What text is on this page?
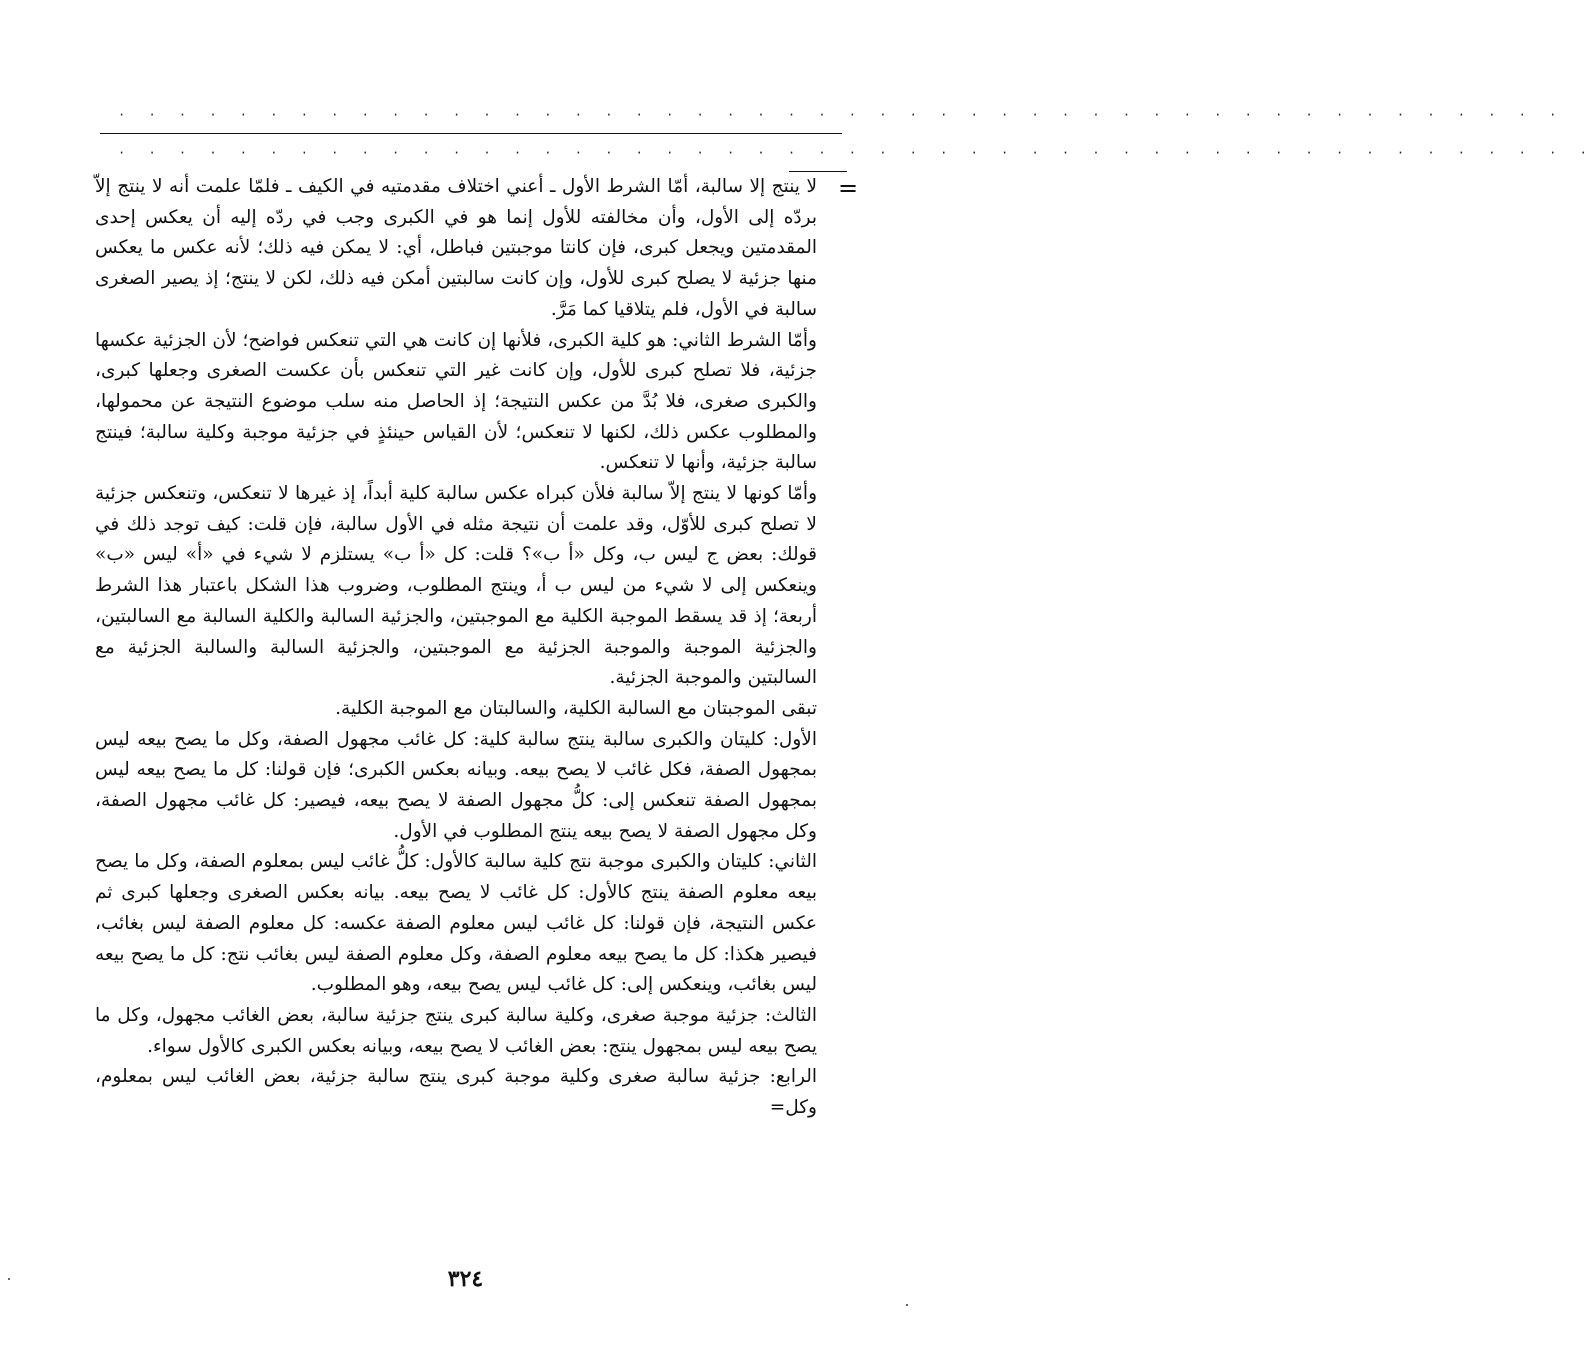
· · · · · · · · · · · · · · · · · · · · · · · · · · · · · · · · · · · · · · · · · · · · · · · ·
· · · · · · · · · · · · · · · · · · · · · · · · · · · · · · · · · · · · · · · · · · · · · · · · ·
=

لا ينتج إلا سالبة، أمّا الشرط الأول ـ أعني اختلاف مقدمتيه في الكيف ـ فلمّا علمت أنه لا ينتج إلاّ بردّه إلى الأول، وأن مخالفته للأول إنما هو في الكبرى وجب في ردّه إليه أن يعكس إحدى المقدمتين ويجعل كبرى، فإن كانتا موجبتين فباطل، أي: لا يمكن فيه ذلك؛ لأنه عكس ما يعكس منها جزئية لا يصلح كبرى للأول، وإن كانت سالبتين أمكن فيه ذلك، لكن لا ينتج؛ إذ يصير الصغرى سالبة في الأول، فلم يتلاقيا كما مَرَّ.

وأمّا الشرط الثاني: هو كلية الكبرى، فلأنها إن كانت هي التي تنعكس فواضح؛ لأن الجزئية عكسها جزئية، فلا تصلح كبرى للأول، وإن كانت غير التي تنعكس بأن عكست الصغرى وجعلها كبرى، والكبرى صغرى، فلا بُدَّ من عكس النتيجة؛ إذ الحاصل منه سلب موضوع النتيجة عن محمولها، والمطلوب عكس ذلك، لكنها لا تنعكس؛ لأن القياس حينئذٍ في جزئية موجبة وكلية سالبة؛ فينتج سالبة جزئية، وأنها لا تنعكس.

وأمّا كونها لا ينتج إلاّ سالبة فلأن كبراه عكس سالبة كلية أبداً، إذ غيرها لا تنعكس، وتنعكس جزئية لا تصلح كبرى للأوّل، وقد علمت أن نتيجة مثله في الأول سالبة، فإن قلت: كيف توجد ذلك في قولك: بعض ج ليس ب، وكل «أ ب»؟ قلت: كل «أ ب» يستلزم لا شيء في «أ» ليس «ب» وينعكس إلى لا شيء من ليس ب أ، وينتج المطلوب، وضروب هذا الشكل باعتبار هذا الشرط أربعة؛ إذ قد يسقط الموجبة الكلية مع الموجبتين، والجزئية السالبة والكلية السالبة مع السالبتين، والجزئية الموجبة والموجبة الجزئية مع الموجبتين، والجزئية السالبة والسالبة الجزئية مع السالبتين والموجبة الجزئية.

تبقى الموجبتان مع السالبة الكلية، والسالبتان مع الموجبة الكلية.

الأول: كليتان والكبرى سالبة ينتج سالبة كلية: كل غائب مجهول الصفة، وكل ما يصح بيعه ليس بمجهول الصفة، فكل غائب لا يصح بيعه. وبيانه بعكس الكبرى؛ فإن قولنا: كل ما يصح بيعه ليس بمجهول الصفة تنعكس إلى: كلُّ مجهول الصفة لا يصح بيعه، فيصير: كل غائب مجهول الصفة، وكل مجهول الصفة لا يصح بيعه ينتج المطلوب في الأول.

الثاني: كليتان والكبرى موجبة نتج كلية سالبة كالأول: كلُّ غائب ليس بمعلوم الصفة، وكل ما يصح بيعه معلوم الصفة ينتج كالأول: كل غائب لا يصح بيعه. بيانه بعكس الصغرى وجعلها كبرى ثم عكس النتيجة، فإن قولنا: كل غائب ليس معلوم الصفة عكسه: كل معلوم الصفة ليس بغائب، فيصير هكذا: كل ما يصح بيعه معلوم الصفة، وكل معلوم الصفة ليس بغائب نتج: كل ما يصح بيعه ليس بغائب، وينعكس إلى: كل غائب ليس يصح بيعه، وهو المطلوب.

الثالث: جزئية موجبة صغرى، وكلية سالبة كبرى ينتج جزئية سالبة، بعض الغائب مجهول، وكل ما يصح بيعه ليس بمجهول ينتج: بعض الغائب لا يصح بيعه، وبيانه بعكس الكبرى كالأول سواء.

الرابع: جزئية سالبة صغرى وكلية موجبة كبرى ينتج سالبة جزئية، بعض الغائب ليس بمعلوم، وكل=

٣٢٤
